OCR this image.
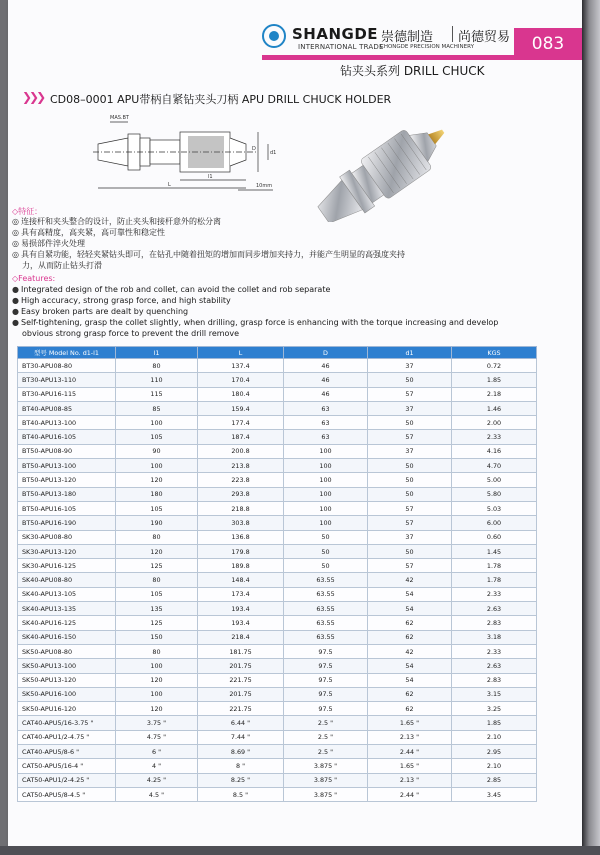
SHANGDE 崇德制造 尚德贸易
INTERNATIONAL TRADE
CHONGDE PRECISION MACHINERY	083
钻夹头系列 DRILL CHUCK
❯❯❯ CD08–0001 APU带柄自紧钻夹头刀柄 APU DRILL CHUCK HOLDER
MAS.BT
l1
L
D
d1
10mm
◇特征：
◎ 连接杆和夹头整合的设计，防止夹头和接杆意外的松分离
◎ 具有高精度，高夹紧，高可靠性和稳定性
◎ 易损部件淬火处理
◎ 具有自紧功能，轻轻夹紧钻头即可，在钻孔中随着扭矩的增加而同步增加夹持力，并能产生明显的高强度夹持
力，从而防止钻头打滑
◇Features:
● Integrated design of the rob and collet, can avoid the collet and rob separate
● High accuracy, strong grasp force, and high stability
● Easy broken parts are dealt by quenching
● Self-tightening, grasp the collet slightly, when drilling, grasp force is enhancing with the torque increasing and develop
obvious strong grasp force to prevent the drill remove
型号 Model No. d1-l1	l1	L	D	d1	KGS
BT30-APU08-80	80	137.4	46	37	0.72
BT30-APU13-110	110	170.4	46	50	1.85
BT30-APU16-115	115	180.4	46	57	2.18
BT40-APU08-85	85	159.4	63	37	1.46
BT40-APU13-100	100	177.4	63	50	2.00
BT40-APU16-105	105	187.4	63	57	2.33
BT50-APU08-90	90	200.8	100	37	4.16
BT50-APU13-100	100	213.8	100	50	4.70
BT50-APU13-120	120	223.8	100	50	5.00
BT50-APU13-180	180	293.8	100	50	5.80
BT50-APU16-105	105	218.8	100	57	5.03
BT50-APU16-190	190	303.8	100	57	6.00
SK30-APU08-80	80	136.8	50	37	0.60
SK30-APU13-120	120	179.8	50	50	1.45
SK30-APU16-125	125	189.8	50	57	1.78
SK40-APU08-80	80	148.4	63.55	42	1.78
SK40-APU13-105	105	173.4	63.55	54	2.33
SK40-APU13-135	135	193.4	63.55	54	2.63
SK40-APU16-125	125	193.4	63.55	62	2.83
SK40-APU16-150	150	218.4	63.55	62	3.18
SK50-APU08-80	80	181.75	97.5	42	2.33
SK50-APU13-100	100	201.75	97.5	54	2.63
SK50-APU13-120	120	221.75	97.5	54	2.83
SK50-APU16-100	100	201.75	97.5	62	3.15
SK50-APU16-120	120	221.75	97.5	62	3.25
CAT40-APU5/16-3.75 "	3.75 "	6.44 "	2.5 "	1.65 "	1.85
CAT40-APU1/2-4.75 "	4.75 "	7.44 "	2.5 "	2.13 "	2.10
CAT40-APU5/8-6 "	6 "	8.69 "	2.5 "	2.44 "	2.95
CAT50-APU5/16-4 "	4 "	8 "	3.875 "	1.65 "	2.10
CAT50-APU1/2-4.25 "	4.25 "	8.25 "	3.875 "	2.13 "	2.85
CAT50-APU5/8-4.5 "	4.5 "	8.5 "	3.875 "	2.44 "	3.45
